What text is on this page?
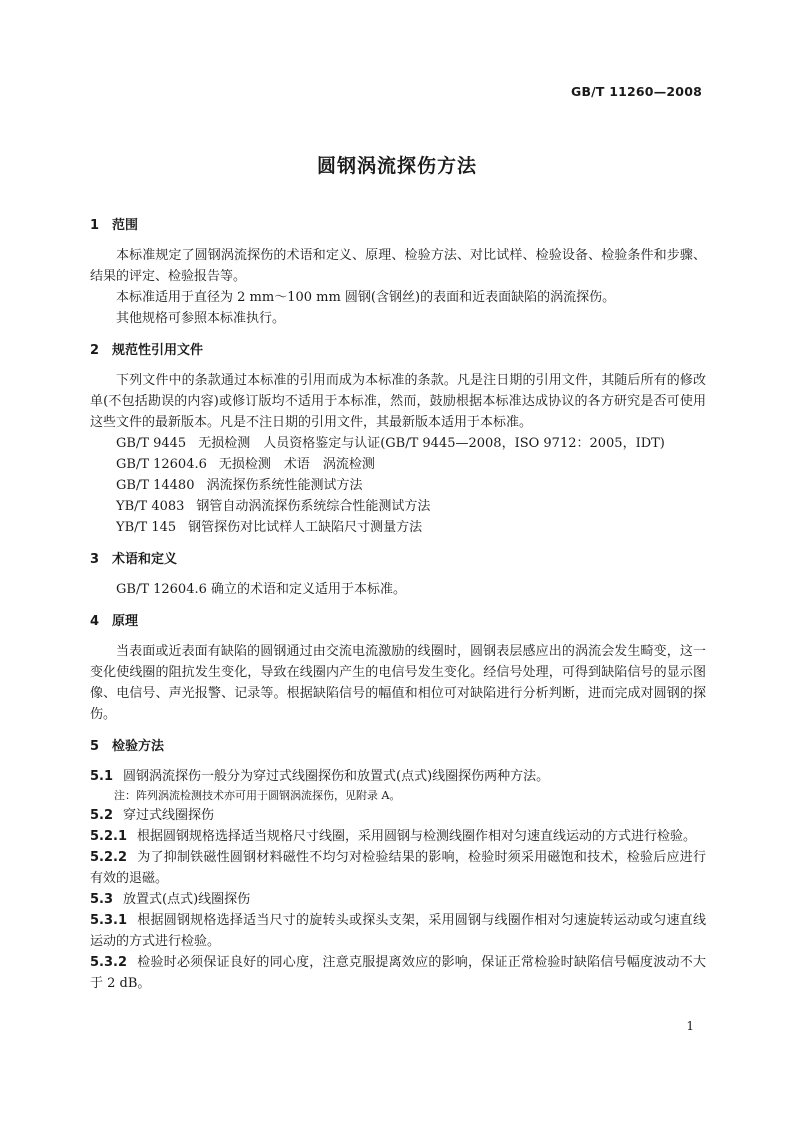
GB/T 11260—2008
圆钢涡流探伤方法
1 范围

本标准规定了圆钢涡流探伤的术语和定义、原理、检验方法、对比试样、检验设备、检验条件和步骤、结果的评定、检验报告等。

本标准适用于直径为 2 mm～100 mm 圆钢(含钢丝)的表面和近表面缺陷的涡流探伤。

其他规格可参照本标准执行。

2 规范性引用文件

下列文件中的条款通过本标准的引用而成为本标准的条款。凡是注日期的引用文件，其随后所有的修改单(不包括勘误的内容)或修订版均不适用于本标准，然而，鼓励根据本标准达成协议的各方研究是否可使用这些文件的最新版本。凡是不注日期的引用文件，其最新版本适用于本标准。

GB/T 9445 无损检测　人员资格鉴定与认证(GB/T 9445—2008，ISO 9712：2005，IDT)

GB/T 12604.6 无损检测　术语　涡流检测

GB/T 14480 涡流探伤系统性能测试方法

YB/T 4083 钢管自动涡流探伤系统综合性能测试方法

YB/T 145 钢管探伤对比试样人工缺陷尺寸测量方法

3 术语和定义

GB/T 12604.6 确立的术语和定义适用于本标准。

4 原理

当表面或近表面有缺陷的圆钢通过由交流电流激励的线圈时，圆钢表层感应出的涡流会发生畸变，这一变化使线圈的阻抗发生变化，导致在线圈内产生的电信号发生变化。经信号处理，可得到缺陷信号的显示图像、电信号、声光报警、记录等。根据缺陷信号的幅值和相位可对缺陷进行分析判断，进而完成对圆钢的探伤。

5 检验方法

5.1 圆钢涡流探伤一般分为穿过式线圈探伤和放置式(点式)线圈探伤两种方法。

注：阵列涡流检测技术亦可用于圆钢涡流探伤，见附录 A。

5.2 穿过式线圈探伤

5.2.1 根据圆钢规格选择适当规格尺寸线圈，采用圆钢与检测线圈作相对匀速直线运动的方式进行检验。

5.2.2 为了抑制铁磁性圆钢材料磁性不均匀对检验结果的影响，检验时须采用磁饱和技术，检验后应进行有效的退磁。

5.3 放置式(点式)线圈探伤

5.3.1 根据圆钢规格选择适当尺寸的旋转头或探头支架，采用圆钢与线圈作相对匀速旋转运动或匀速直线运动的方式进行检验。

5.3.2 检验时必须保证良好的同心度，注意克服提离效应的影响，保证正常检验时缺陷信号幅度波动不大于 2 dB。

1
